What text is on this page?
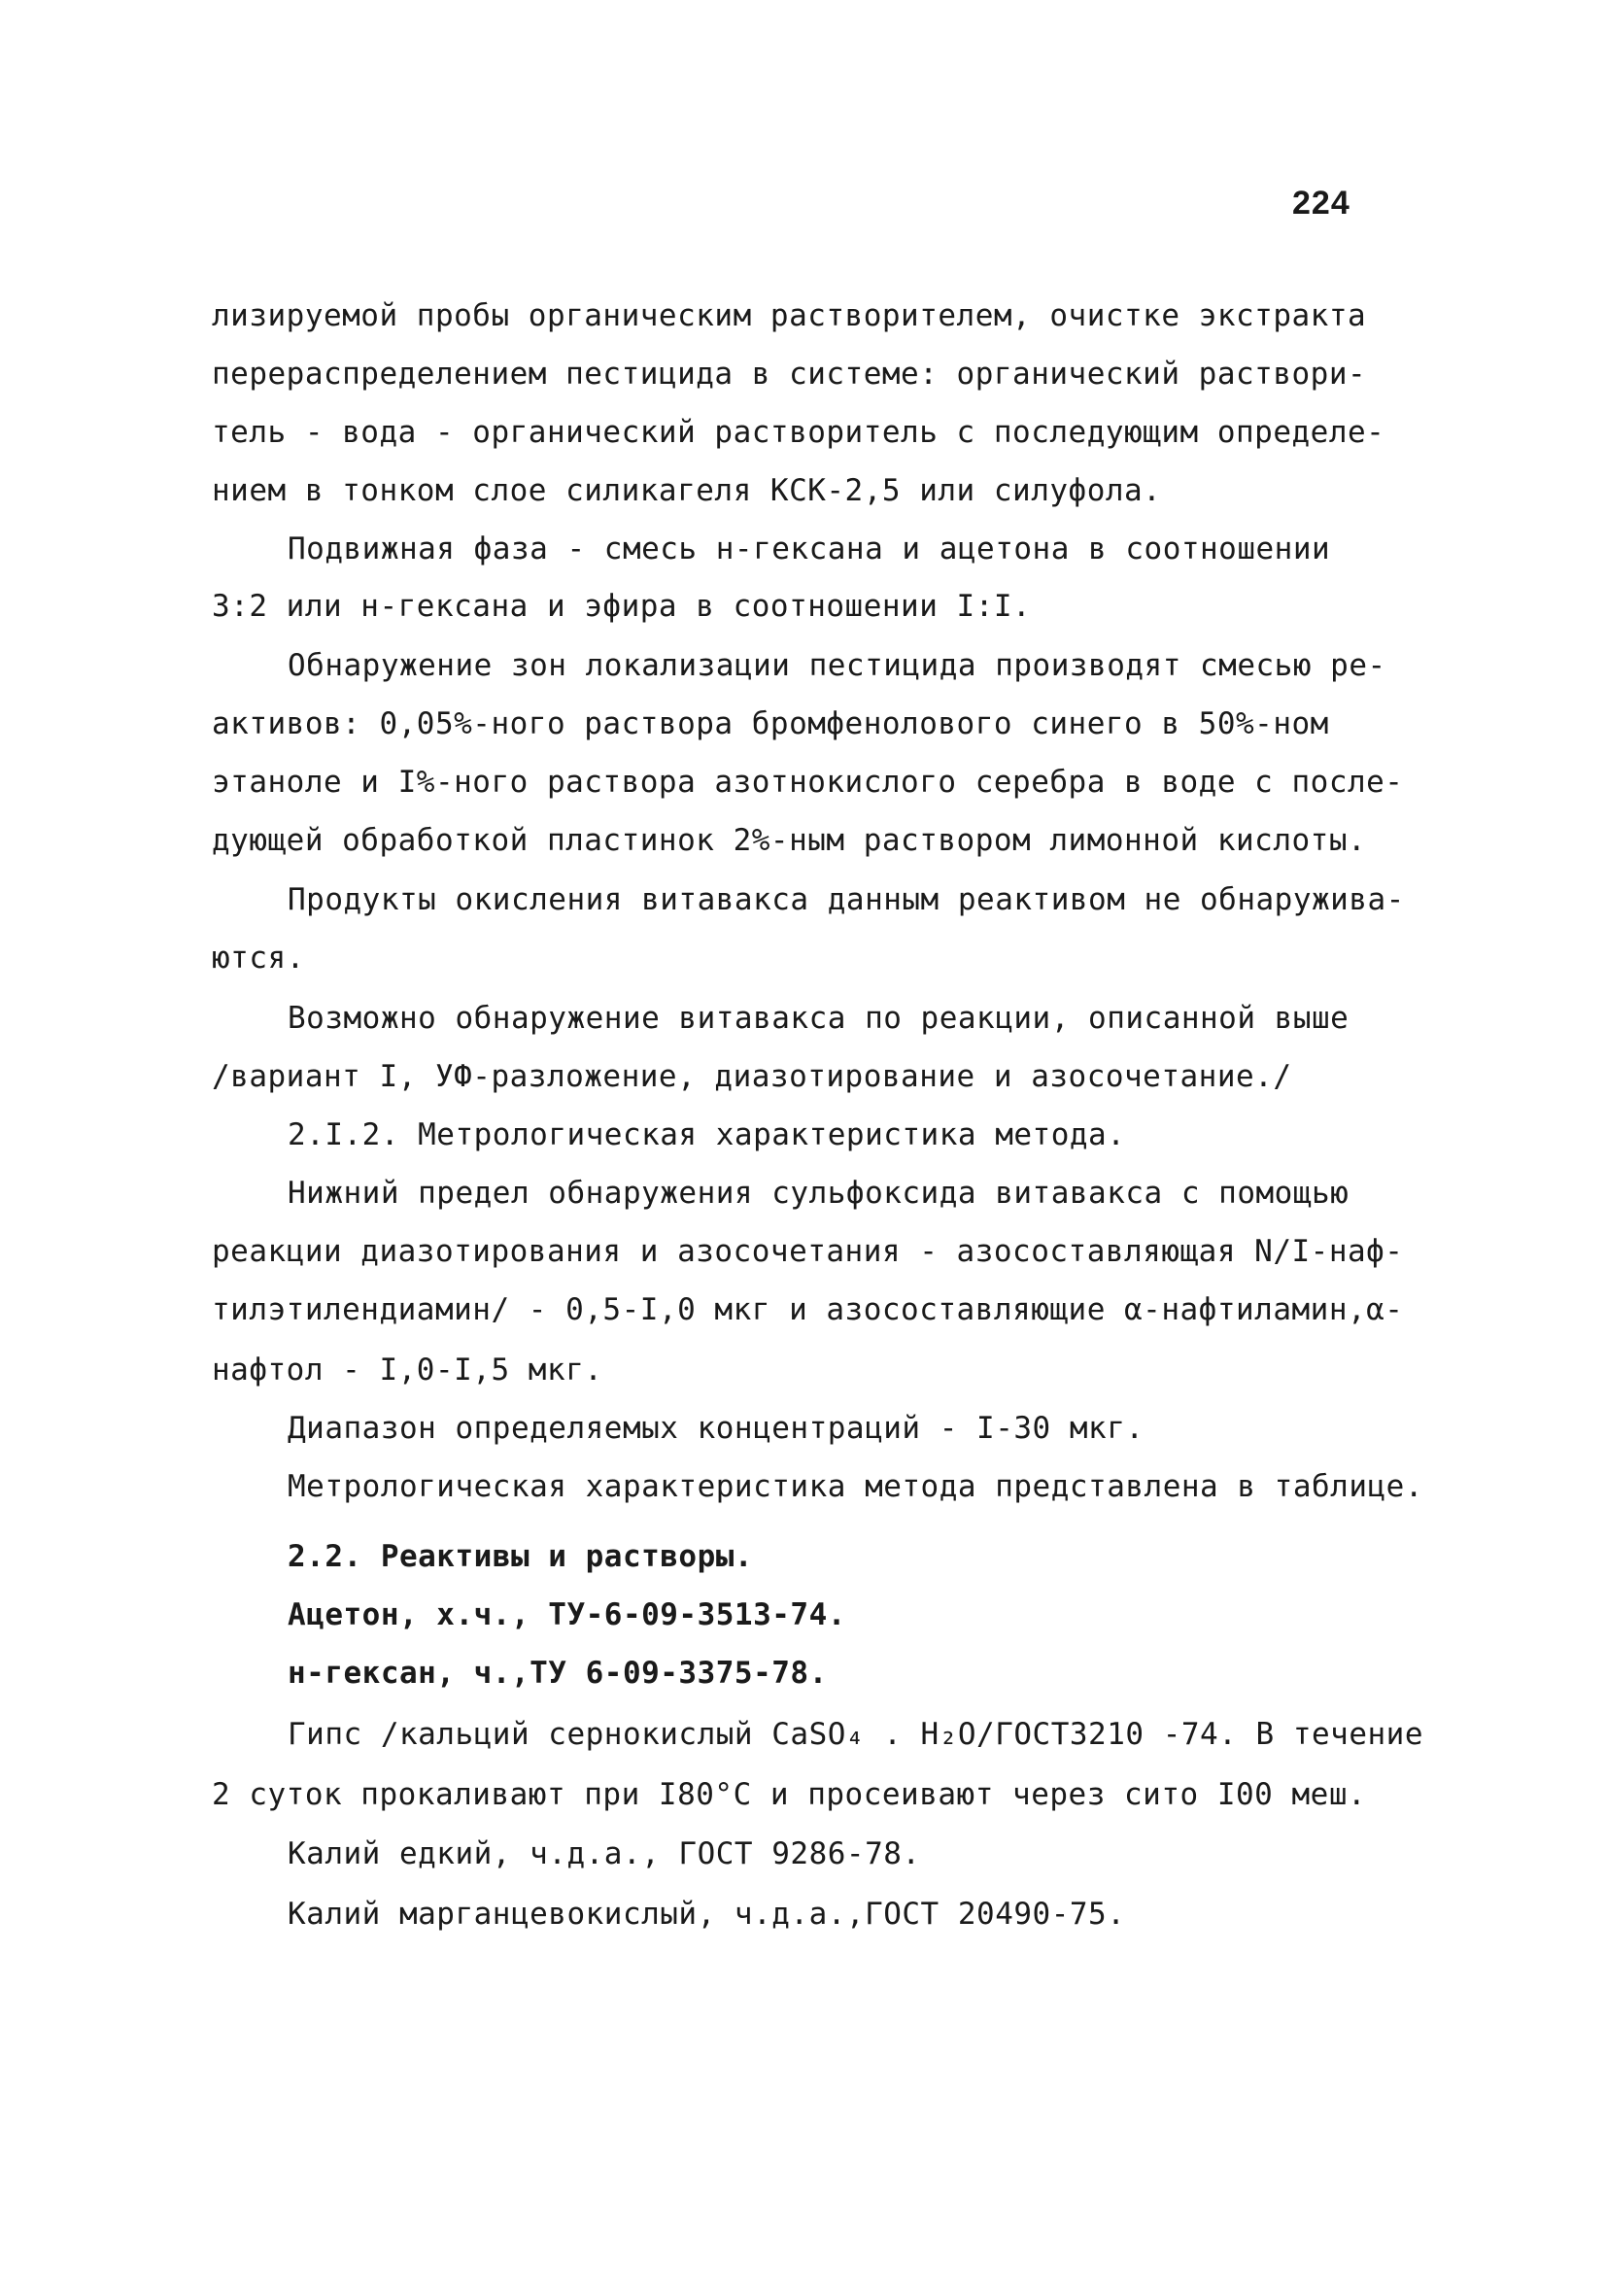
224
лизируемой пробы органическим растворителем, очистке экстракта
перераспределением пестицида в системе: органический раствори-
тель - вода - органический растворитель с последующим определе-
нием в тонком слое силикагеля КСК-2,5 или силуфола.
Подвижная фаза - смесь н-гексана и ацетона в соотношении
3:2 или н-гексана и эфира в соотношении I:I.
Обнаружение зон локализации пестицида производят смесью ре-
активов: 0,05%-ного раствора бромфенолового синего в 50%-ном
этаноле и I%-ного раствора азотнокислого серебра в воде с после-
дующей обработкой пластинок 2%-ным раствором лимонной кислоты.
Продукты окисления витавакса данным реактивом не обнаружива-
ются.
Возможно обнаружение витавакса по реакции, описанной выше
/вариант I, УФ-разложение, диазотирование и азосочетание./
2.I.2. Метрологическая характеристика метода.
Нижний предел обнаружения сульфоксида витавакса с помощью
реакции диазотирования и азосочетания - азосоставляющая N/I-наф-
тилэтилендиамин/ - 0,5-I,0 мкг и азосоставляющие α-нафтиламин,α-
нафтол - I,0-I,5 мкг.
Диапазон определяемых концентраций - I-30 мкг.
Метрологическая характеристика метода представлена в таблице.
2.2. Реактивы и растворы.
Ацетон, х.ч., ТУ-6-09-3513-74.
н-гексан, ч.,ТУ 6-09-3375-78.
Гипс /кальций сернокислый CaSO₄ . H₂O/ГОСТ3210 -74. В течение
2 суток прокаливают при I80°C и просеивают через сито I00 меш.
Калий едкий, ч.д.а., ГОСТ 9286-78.
Калий марганцевокислый, ч.д.а.,ГОСТ 20490-75.
